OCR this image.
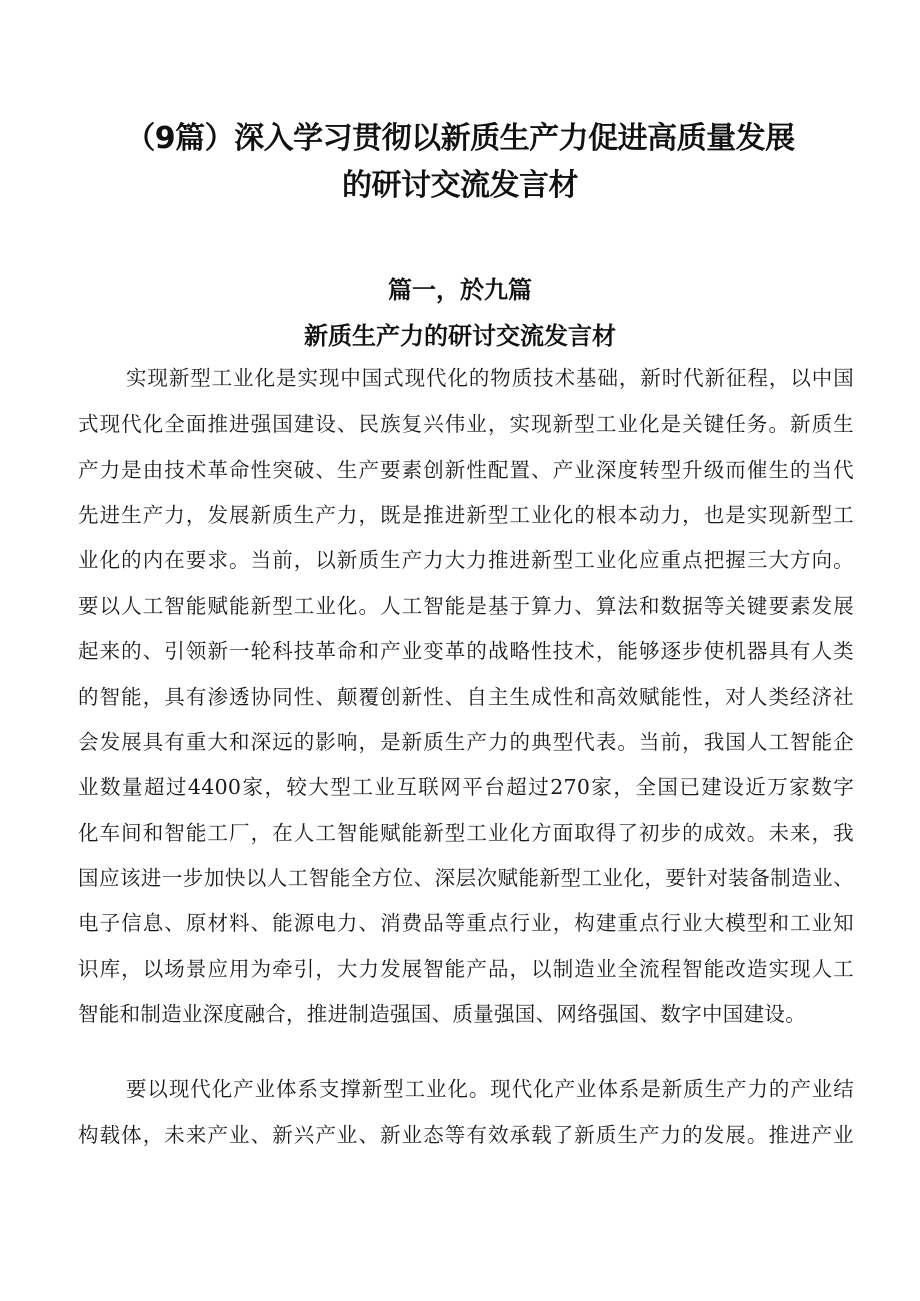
（9篇）深入学习贯彻以新质生产力促进高质量发展
的研讨交流发言材
篇一，於九篇
新质生产力的研讨交流发言材
实现新型工业化是实现中国式现代化的物质技术基础，新时代新征程，以中国
式现代化全面推进强国建设、民族复兴伟业，实现新型工业化是关键任务。新质生
产力是由技术革命性突破、生产要素创新性配置、产业深度转型升级而催生的当代
先进生产力，发展新质生产力，既是推进新型工业化的根本动力，也是实现新型工
业化的内在要求。当前，以新质生产力大力推进新型工业化应重点把握三大方向。
要以人工智能赋能新型工业化。人工智能是基于算力、算法和数据等关键要素发展
起来的、引领新一轮科技革命和产业变革的战略性技术，能够逐步使机器具有人类
的智能，具有渗透协同性、颠覆创新性、自主生成性和高效赋能性，对人类经济社
会发展具有重大和深远的影响，是新质生产力的典型代表。当前，我国人工智能企
业数量超过4400家，较大型工业互联网平台超过270家，全国已建设近万家数字
化车间和智能工厂，在人工智能赋能新型工业化方面取得了初步的成效。未来，我
国应该进一步加快以人工智能全方位、深层次赋能新型工业化，要针对装备制造业、
电子信息、原材料、能源电力、消费品等重点行业，构建重点行业大模型和工业知
识库，以场景应用为牵引，大力发展智能产品，以制造业全流程智能改造实现人工
智能和制造业深度融合，推进制造强国、质量强国、网络强国、数字中国建设。
要以现代化产业体系支撑新型工业化。现代化产业体系是新质生产力的产业结
构载体，未来产业、新兴产业、新业态等有效承载了新质生产力的发展。推进产业
